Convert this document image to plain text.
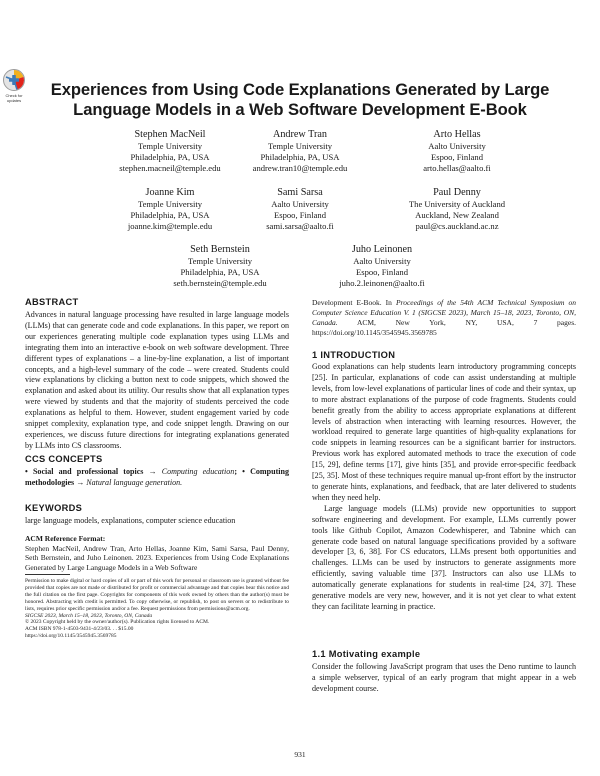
Check for
updates
Experiences from Using Code Explanations Generated by Large Language Models in a Web Software Development E-Book
Stephen MacNeil
Temple University
Philadelphia, PA, USA
stephen.macneil@temple.edu
Andrew Tran
Temple University
Philadelphia, PA, USA
andrew.tran10@temple.edu
Arto Hellas
Aalto University
Espoo, Finland
arto.hellas@aalto.fi
Joanne Kim
Temple University
Philadelphia, PA, USA
joanne.kim@temple.edu
Sami Sarsa
Aalto University
Espoo, Finland
sami.sarsa@aalto.fi
Paul Denny
The University of Auckland
Auckland, New Zealand
paul@cs.auckland.ac.nz
Seth Bernstein
Temple University
Philadelphia, PA, USA
seth.bernstein@temple.edu
Juho Leinonen
Aalto University
Espoo, Finland
juho.2.leinonen@aalto.fi
ABSTRACT
Advances in natural language processing have resulted in large language models (LLMs) that can generate code and code explanations. In this paper, we report on our experiences generating multiple code explanation types using LLMs and integrating them into an interactive e-book on web software development. Three different types of explanations – a line-by-line explanation, a list of important concepts, and a high-level summary of the code – were created. Students could view explanations by clicking a button next to code snippets, which showed the explanation and asked about its utility. Our results show that all explanation types were viewed by students and that the majority of students perceived the code explanations as helpful to them. However, student engagement varied by code snippet complexity, explanation type, and code snippet length. Drawing on our experiences, we discuss future directions for integrating explanations generated by LLMs into CS classrooms.
CCS CONCEPTS
• Social and professional topics → Computing education; • Computing methodologies → Natural language generation.
KEYWORDS
large language models, explanations, computer science education
ACM Reference Format:
Stephen MacNeil, Andrew Tran, Arto Hellas, Joanne Kim, Sami Sarsa, Paul Denny, Seth Bernstein, and Juho Leinonen. 2023. Experiences from Using Code Explanations Generated by Large Language Models in a Web Software
Permission to make digital or hard copies of all or part of this work for personal or classroom use is granted without fee provided that copies are not made or distributed for profit or commercial advantage and that copies bear this notice and the full citation on the first page. Copyrights for components of this work owned by others than the author(s) must be honored. Abstracting with credit is permitted. To copy otherwise, or republish, to post on servers or to redistribute to lists, requires prior specific permission and/or a fee. Request permissions from permissions@acm.org.
SIGCSE 2023, March 15–18, 2023, Toronto, ON, Canada
© 2023 Copyright held by the owner/author(s). Publication rights licensed to ACM.
ACM ISBN 978-1-4503-9431-4/23/03. . . $15.00
https://doi.org/10.1145/3545945.3569785
Development E-Book. In Proceedings of the 54th ACM Technical Symposium on Computer Science Education V. 1 (SIGCSE 2023), March 15–18, 2023, Toronto, ON, Canada. ACM, New York, NY, USA, 7 pages. https://doi.org/10.1145/3545945.3569785
1 INTRODUCTION
Good explanations can help students learn introductory programming concepts [25]. In particular, explanations of code can assist understanding at multiple levels, from low-level explanations of particular lines of code and their syntax, up to more abstract explanations of the purpose of code fragments. Students could benefit greatly from the ability to access appropriate explanations at different levels of abstraction when interacting with learning resources. However, the workload required to generate large quantities of high-quality explanations for code snippets in learning resources can be a significant barrier for instructors. Previous work has explored automated methods to trace the execution of code [15, 29], define terms [17], give hints [35], and provide error-specific feedback [25, 35]. Most of these techniques require manual up-front effort by the instructor to generate hints, explanations, and feedback, that are later delivered to students when they need help.
Large language models (LLMs) provide new opportunities to support software engineering and development. For example, LLMs currently power tools like Github Copilot, Amazon Codewhisperer, and Tabnine which can generate code based on natural language specifications provided by a software developer [3, 6, 38]. For CS educators, LLMs present both opportunities and challenges. LLMs can be used by instructors to generate assignments more efficiently, saving valuable time [37]. Instructors can also use LLMs to automatically generate explanations for students in real-time [24, 37]. These generative models are very new, however, and it is not yet clear to what extent they can facilitate learning in practice.
1.1 Motivating example
Consider the following JavaScript program that uses the Deno runtime to launch a simple webserver, typical of an early program that might appear in a web development course.
931
